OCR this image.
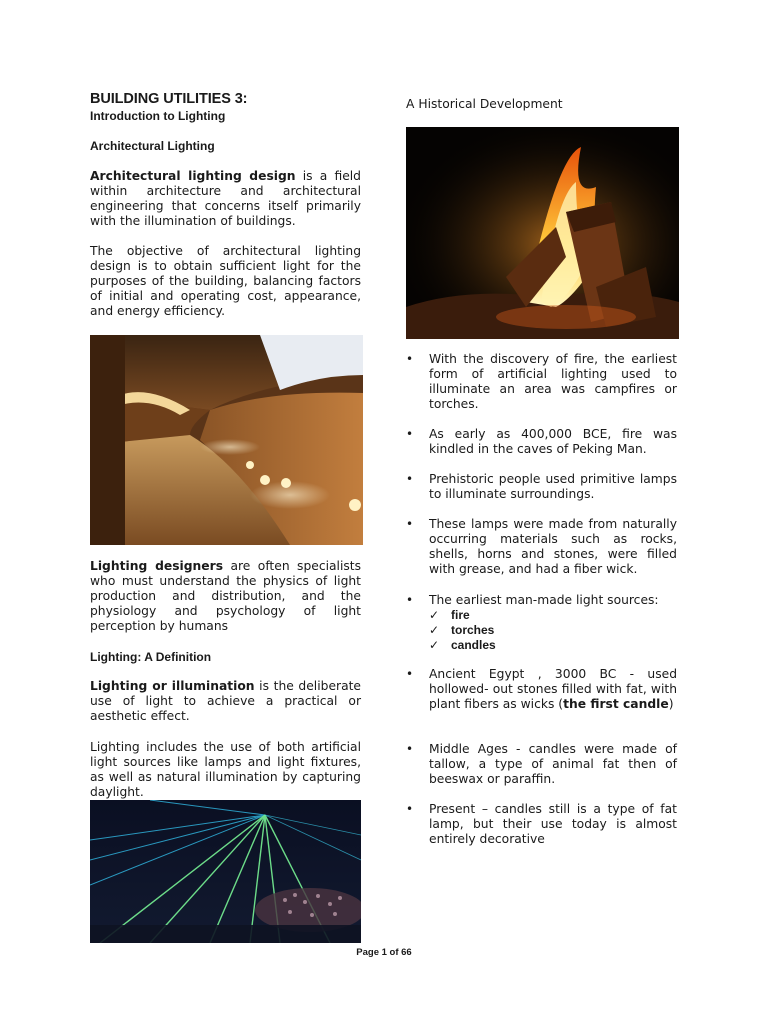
BUILDING UTILITIES 3:
Introduction to Lighting
Architectural Lighting
Architectural lighting design is a field within architecture and architectural engineering that concerns itself primarily with the illumination of buildings.
The objective of architectural lighting design is to obtain sufficient light for the purposes of the building, balancing factors of initial and operating cost, appearance, and energy efficiency.
Lighting designers are often specialists who must understand the physics of light production and distribution, and the physiology and psychology of light perception by humans
Lighting: A Definition
Lighting or illumination is the deliberate use of light to achieve a practical or aesthetic effect.
Lighting includes the use of both artificial light sources like lamps and light fixtures, as well as natural illumination by capturing daylight.
A Historical Development
• With the discovery of fire, the earliest form of artificial lighting used to illuminate an area was campfires or torches.
• As early as 400,000 BCE, fire was kindled in the caves of Peking Man.
• Prehistoric people used primitive lamps to illuminate surroundings.
• These lamps were made from naturally occurring materials such as rocks, shells, horns and stones, were filled with grease, and had a fiber wick.
• The earliest man-made light sources:
✓ fire
✓ torches
✓ candles
• Ancient Egypt , 3000 BC - used hollowed- out stones filled with fat, with plant fibers as wicks (the first candle)
• Middle Ages - candles were made of tallow, a type of animal fat then of beeswax or paraffin.
• Present – candles still is a type of fat lamp, but their use today is almost entirely decorative
Page 1 of 66
